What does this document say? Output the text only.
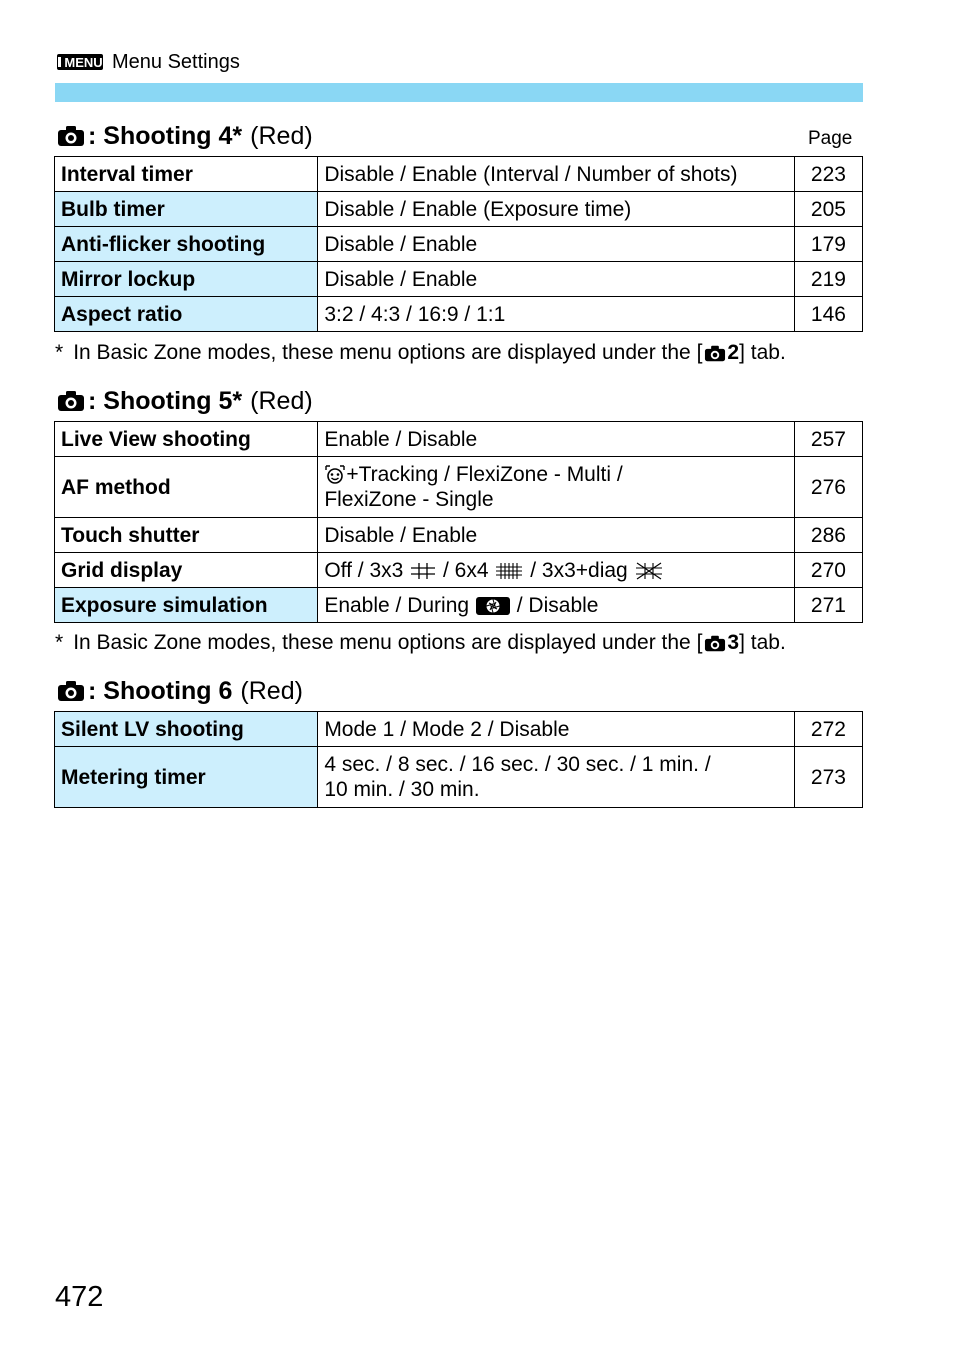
MENU Menu Settings
: Shooting 4* (Red)	Page
Interval timer	Disable / Enable (Interval / Number of shots)	223
Bulb timer	Disable / Enable (Exposure time)	205
Anti-flicker shooting	Disable / Enable	179
Mirror lockup	Disable / Enable	219
Aspect ratio	3:2 / 4:3 / 16:9 / 1:1	146
* In Basic Zone modes, these menu options are displayed under the [ 2 ] tab.
: Shooting 5* (Red)
Live View shooting	Enable / Disable	257
AF method	+Tracking / FlexiZone - Multi /
FlexiZone - Single	276
Touch shutter	Disable / Enable	286
Grid display	Off / 3x3 / 6x4 / 3x3+diag	270
Exposure simulation	Enable / During / Disable	271
* In Basic Zone modes, these menu options are displayed under the [ 3 ] tab.
: Shooting 6 (Red)
Silent LV shooting	Mode 1 / Mode 2 / Disable	272
Metering timer	4 sec. / 8 sec. / 16 sec. / 30 sec. / 1 min. /
10 min. / 30 min.	273
472
